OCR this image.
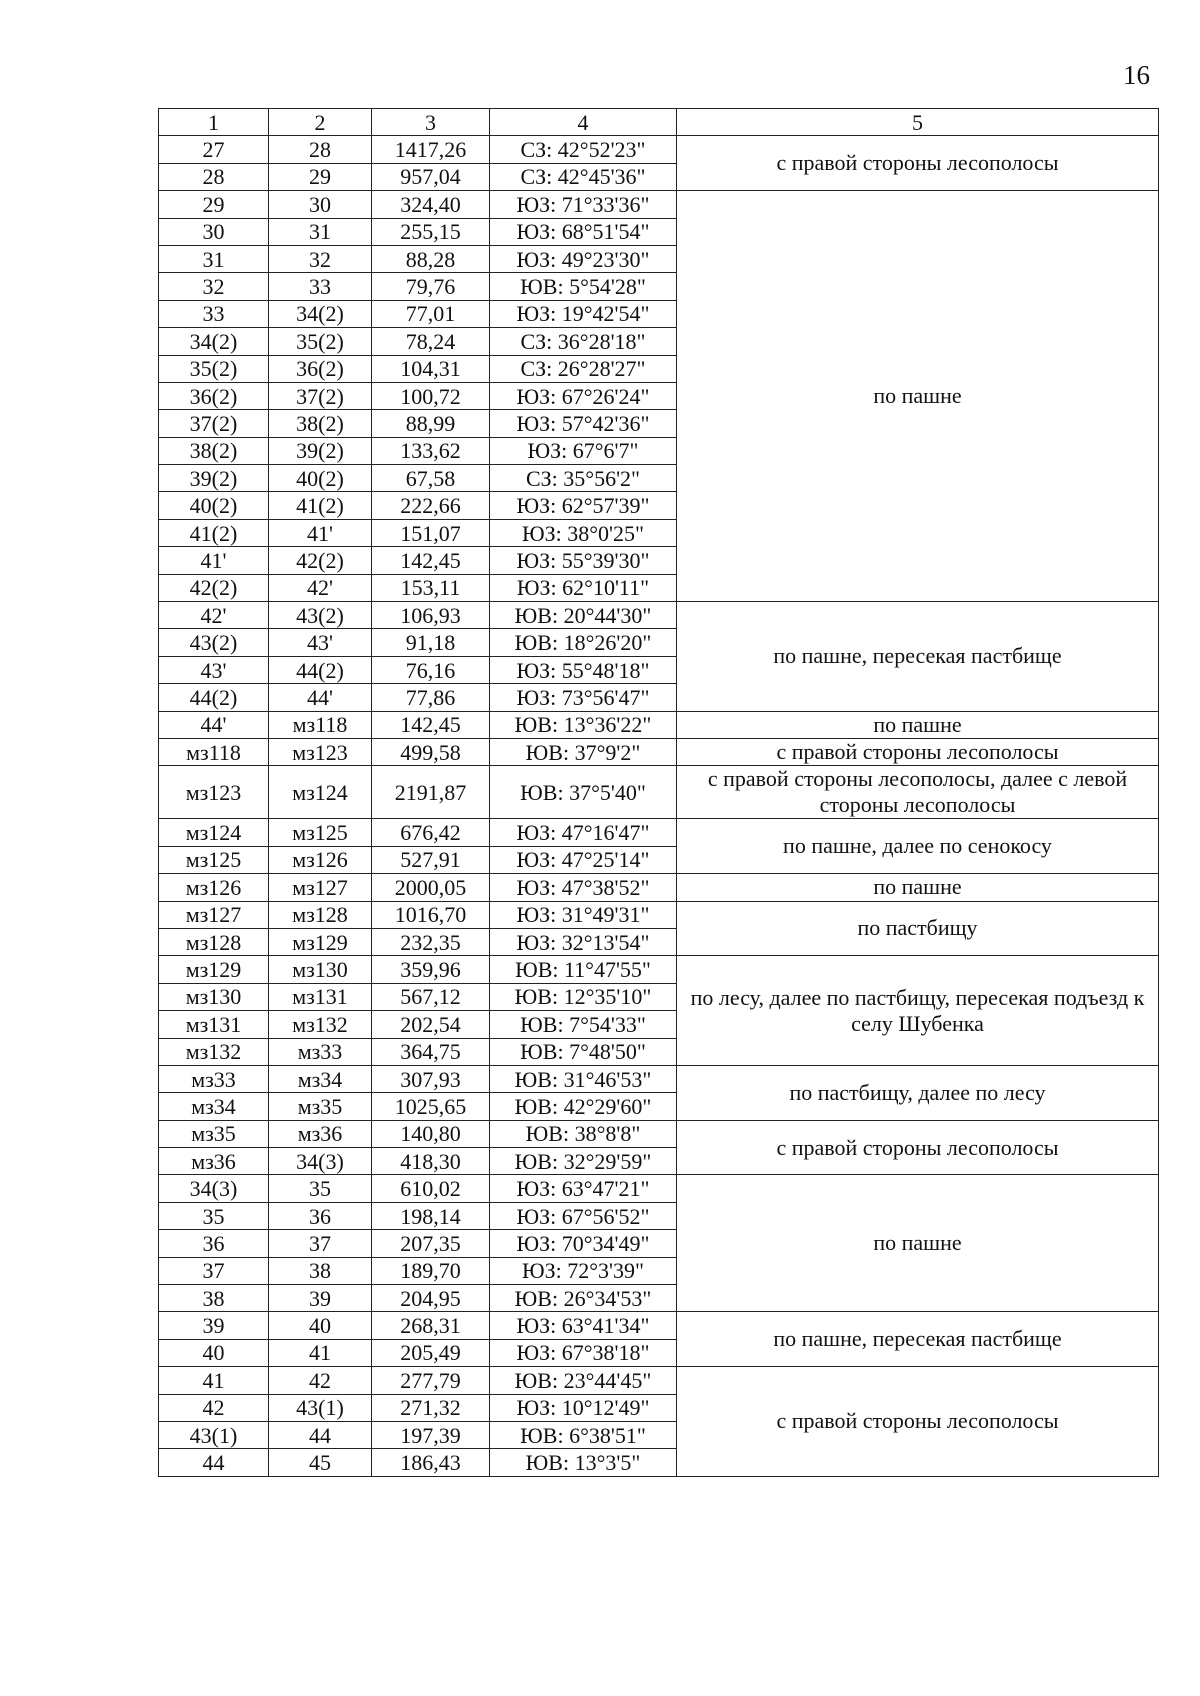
16
1	2	3	4	5
27	28	1417,26	СЗ: 42°52'23"	с правой стороны лесополосы
28	29	957,04	СЗ: 42°45'36"	
29	30	324,40	ЮЗ: 71°33'36"	по пашне
30	31	255,15	ЮЗ: 68°51'54"	
31	32	88,28	ЮЗ: 49°23'30"	
32	33	79,76	ЮВ: 5°54'28"	
33	34(2)	77,01	ЮЗ: 19°42'54"	
34(2)	35(2)	78,24	СЗ: 36°28'18"	
35(2)	36(2)	104,31	СЗ: 26°28'27"	
36(2)	37(2)	100,72	ЮЗ: 67°26'24"	
37(2)	38(2)	88,99	ЮЗ: 57°42'36"	
38(2)	39(2)	133,62	ЮЗ: 67°6'7"	
39(2)	40(2)	67,58	СЗ: 35°56'2"	
40(2)	41(2)	222,66	ЮЗ: 62°57'39"	
41(2)	41'	151,07	ЮЗ: 38°0'25"	
41'	42(2)	142,45	ЮЗ: 55°39'30"	
42(2)	42'	153,11	ЮЗ: 62°10'11"	
42'	43(2)	106,93	ЮВ: 20°44'30"	по пашне, пересекая пастбище
43(2)	43'	91,18	ЮВ: 18°26'20"	
43'	44(2)	76,16	ЮЗ: 55°48'18"	
44(2)	44'	77,86	ЮЗ: 73°56'47"	
44'	мз118	142,45	ЮВ: 13°36'22"	по пашне
мз118	мз123	499,58	ЮВ: 37°9'2"	с правой стороны лесополосы
мз123	мз124	2191,87	ЮВ: 37°5'40"	с правой стороны лесополосы, далее с левой стороны лесополосы
мз124	мз125	676,42	ЮЗ: 47°16'47"	по пашне, далее по сенокосу
мз125	мз126	527,91	ЮЗ: 47°25'14"	
мз126	мз127	2000,05	ЮЗ: 47°38'52"	по пашне
мз127	мз128	1016,70	ЮЗ: 31°49'31"	по пастбищу
мз128	мз129	232,35	ЮЗ: 32°13'54"	
мз129	мз130	359,96	ЮВ: 11°47'55"	по лесу, далее по пастбищу, пересекая подъезд к селу Шубенка
мз130	мз131	567,12	ЮВ: 12°35'10"	
мз131	мз132	202,54	ЮВ: 7°54'33"	
мз132	мз33	364,75	ЮВ: 7°48'50"	
мз33	мз34	307,93	ЮВ: 31°46'53"	по пастбищу, далее по лесу
мз34	мз35	1025,65	ЮВ: 42°29'60"	
мз35	мз36	140,80	ЮВ: 38°8'8"	с правой стороны лесополосы
мз36	34(3)	418,30	ЮВ: 32°29'59"	
34(3)	35	610,02	ЮЗ: 63°47'21"	по пашне
35	36	198,14	ЮЗ: 67°56'52"	
36	37	207,35	ЮЗ: 70°34'49"	
37	38	189,70	ЮЗ: 72°3'39"	
38	39	204,95	ЮВ: 26°34'53"	
39	40	268,31	ЮЗ: 63°41'34"	по пашне, пересекая пастбище
40	41	205,49	ЮЗ: 67°38'18"	
41	42	277,79	ЮВ: 23°44'45"	с правой стороны лесополосы
42	43(1)	271,32	ЮЗ: 10°12'49"	
43(1)	44	197,39	ЮВ: 6°38'51"	
44	45	186,43	ЮВ: 13°3'5"	
